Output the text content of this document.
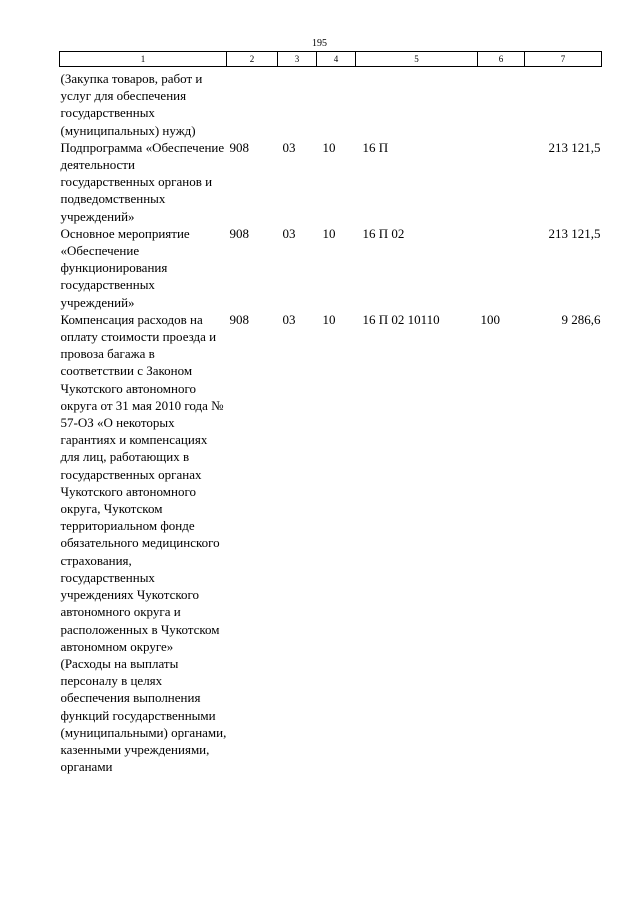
195
1	2	3	4	5	6	7
(Закупка товаров, работ и услуг для обеспечения государственных (муниципальных) нужд)						
Подпрограмма «Обеспечение деятельности государственных органов и подведомственных учреждений»	908	03	10	16 П		213 121,5
Основное мероприятие «Обеспечение функционирования государственных учреждений»	908	03	10	16 П 02		213 121,5
Компенсация расходов на оплату стоимости проезда и провоза багажа в соответствии с Законом Чукотского автономного округа от 31 мая 2010 года № 57-ОЗ «О некоторых гарантиях и компенсациях для лиц, работающих в государственных органах Чукотского автономного округа, Чукотском территориальном фонде обязательного медицинского страхования, государственных учреждениях Чукотского автономного округа и расположенных в Чукотском автономном округе» (Расходы на выплаты персоналу в целях обеспечения выполнения функций государственными (муниципальными) органами, казенными учреждениями, органами	908	03	10	16 П 02 10110	100	9 286,6
